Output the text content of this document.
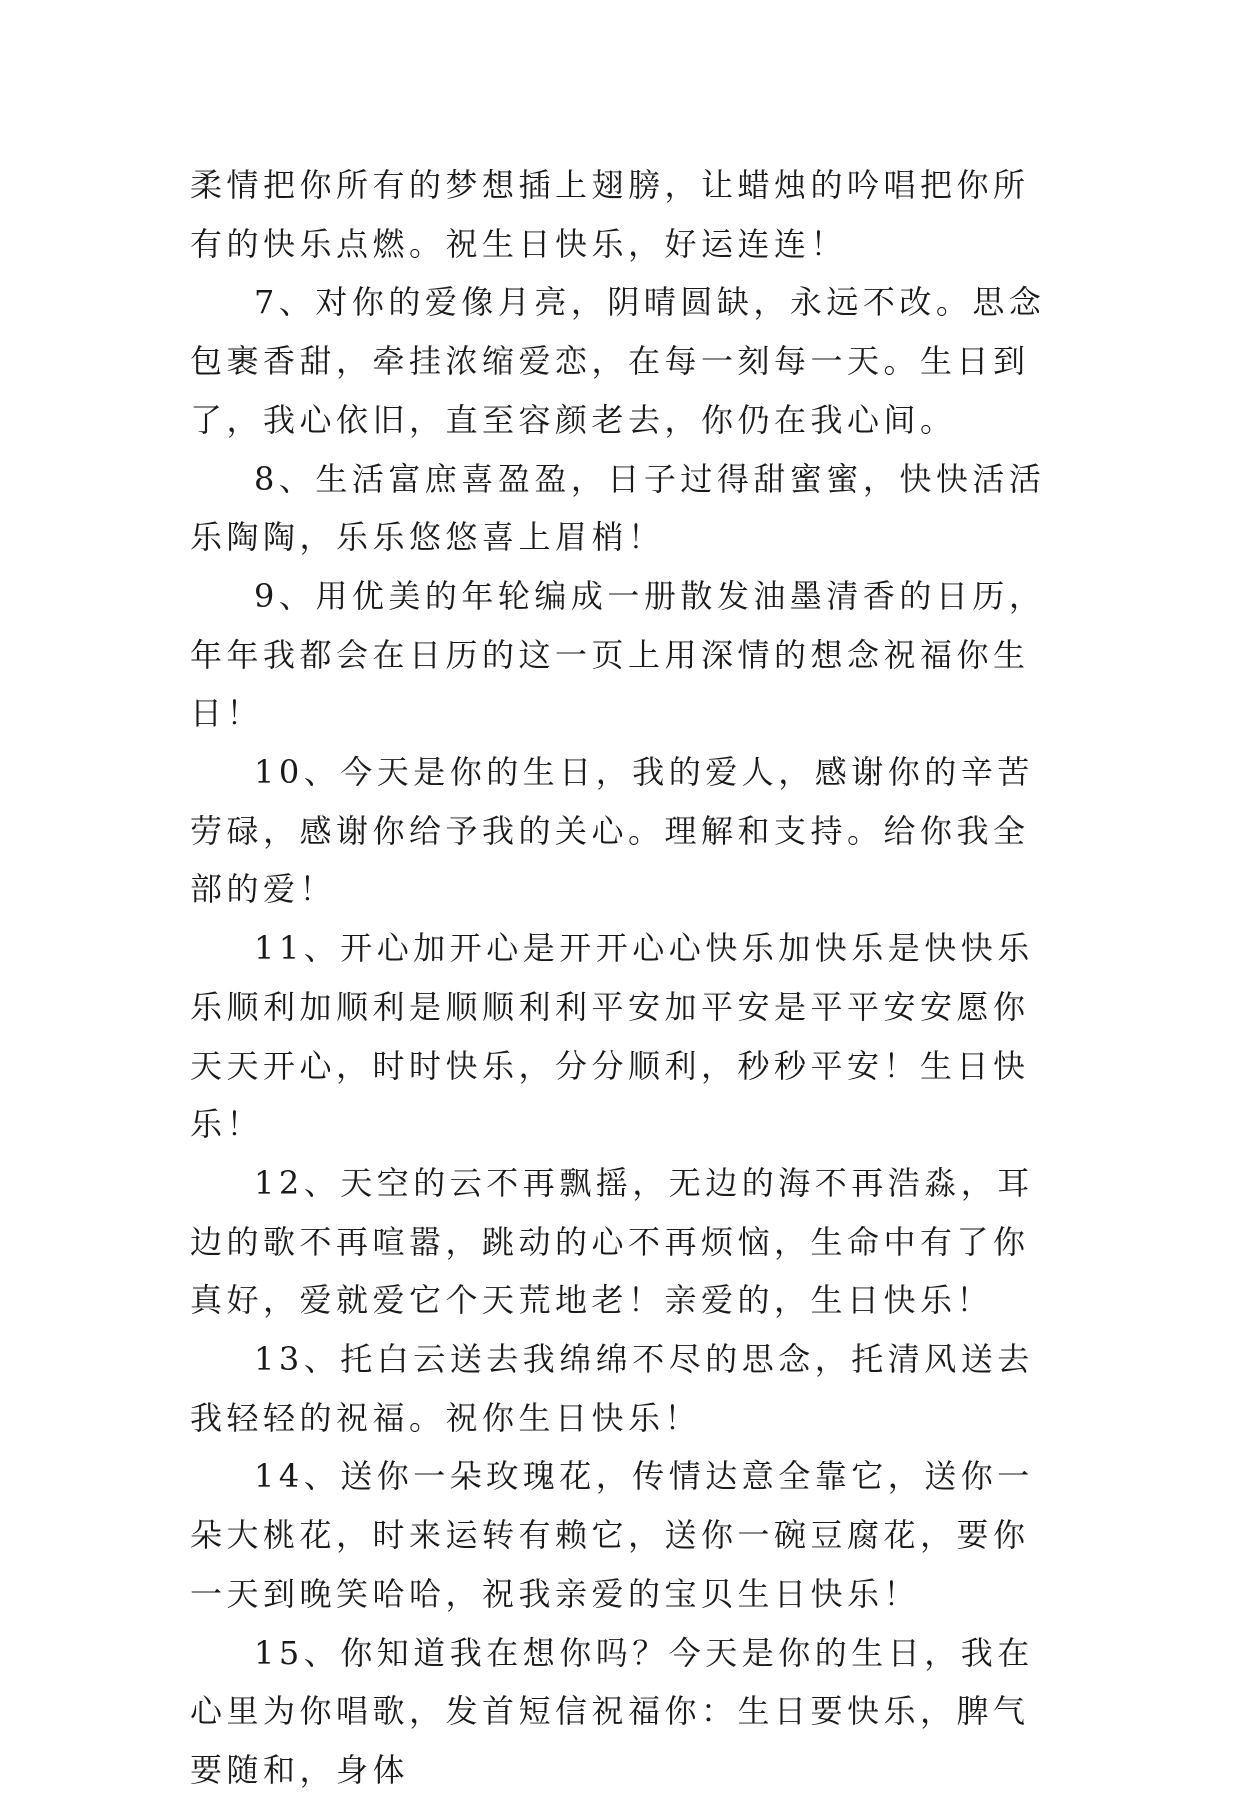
柔情把你所有的梦想插上翅膀，让蜡烛的吟唱把你所有的快乐点燃。祝生日快乐，好运连连！

7、对你的爱像月亮，阴晴圆缺，永远不改。思念包裹香甜，牵挂浓缩爱恋，在每一刻每一天。生日到了，我心依旧，直至容颜老去，你仍在我心间。

8、生活富庶喜盈盈，日子过得甜蜜蜜，快快活活乐陶陶，乐乐悠悠喜上眉梢！

9、用优美的年轮编成一册散发油墨清香的日历，年年我都会在日历的这一页上用深情的想念祝福你生日！

10、今天是你的生日，我的爱人，感谢你的辛苦劳碌，感谢你给予我的关心。理解和支持。给你我全部的爱！

11、开心加开心是开开心心快乐加快乐是快快乐乐顺利加顺利是顺顺利利平安加平安是平平安安愿你天天开心，时时快乐，分分顺利，秒秒平安！生日快乐！

12、天空的云不再飘摇，无边的海不再浩淼，耳边的歌不再喧嚣，跳动的心不再烦恼，生命中有了你真好，爱就爱它个天荒地老！亲爱的，生日快乐！

13、托白云送去我绵绵不尽的思念，托清风送去我轻轻的祝福。祝你生日快乐！

14、送你一朵玫瑰花，传情达意全靠它，送你一朵大桃花，时来运转有赖它，送你一碗豆腐花，要你一天到晚笑哈哈，祝我亲爱的宝贝生日快乐！

15、你知道我在想你吗？今天是你的生日，我在心里为你唱歌，发首短信祝福你：生日要快乐，脾气要随和，身体
